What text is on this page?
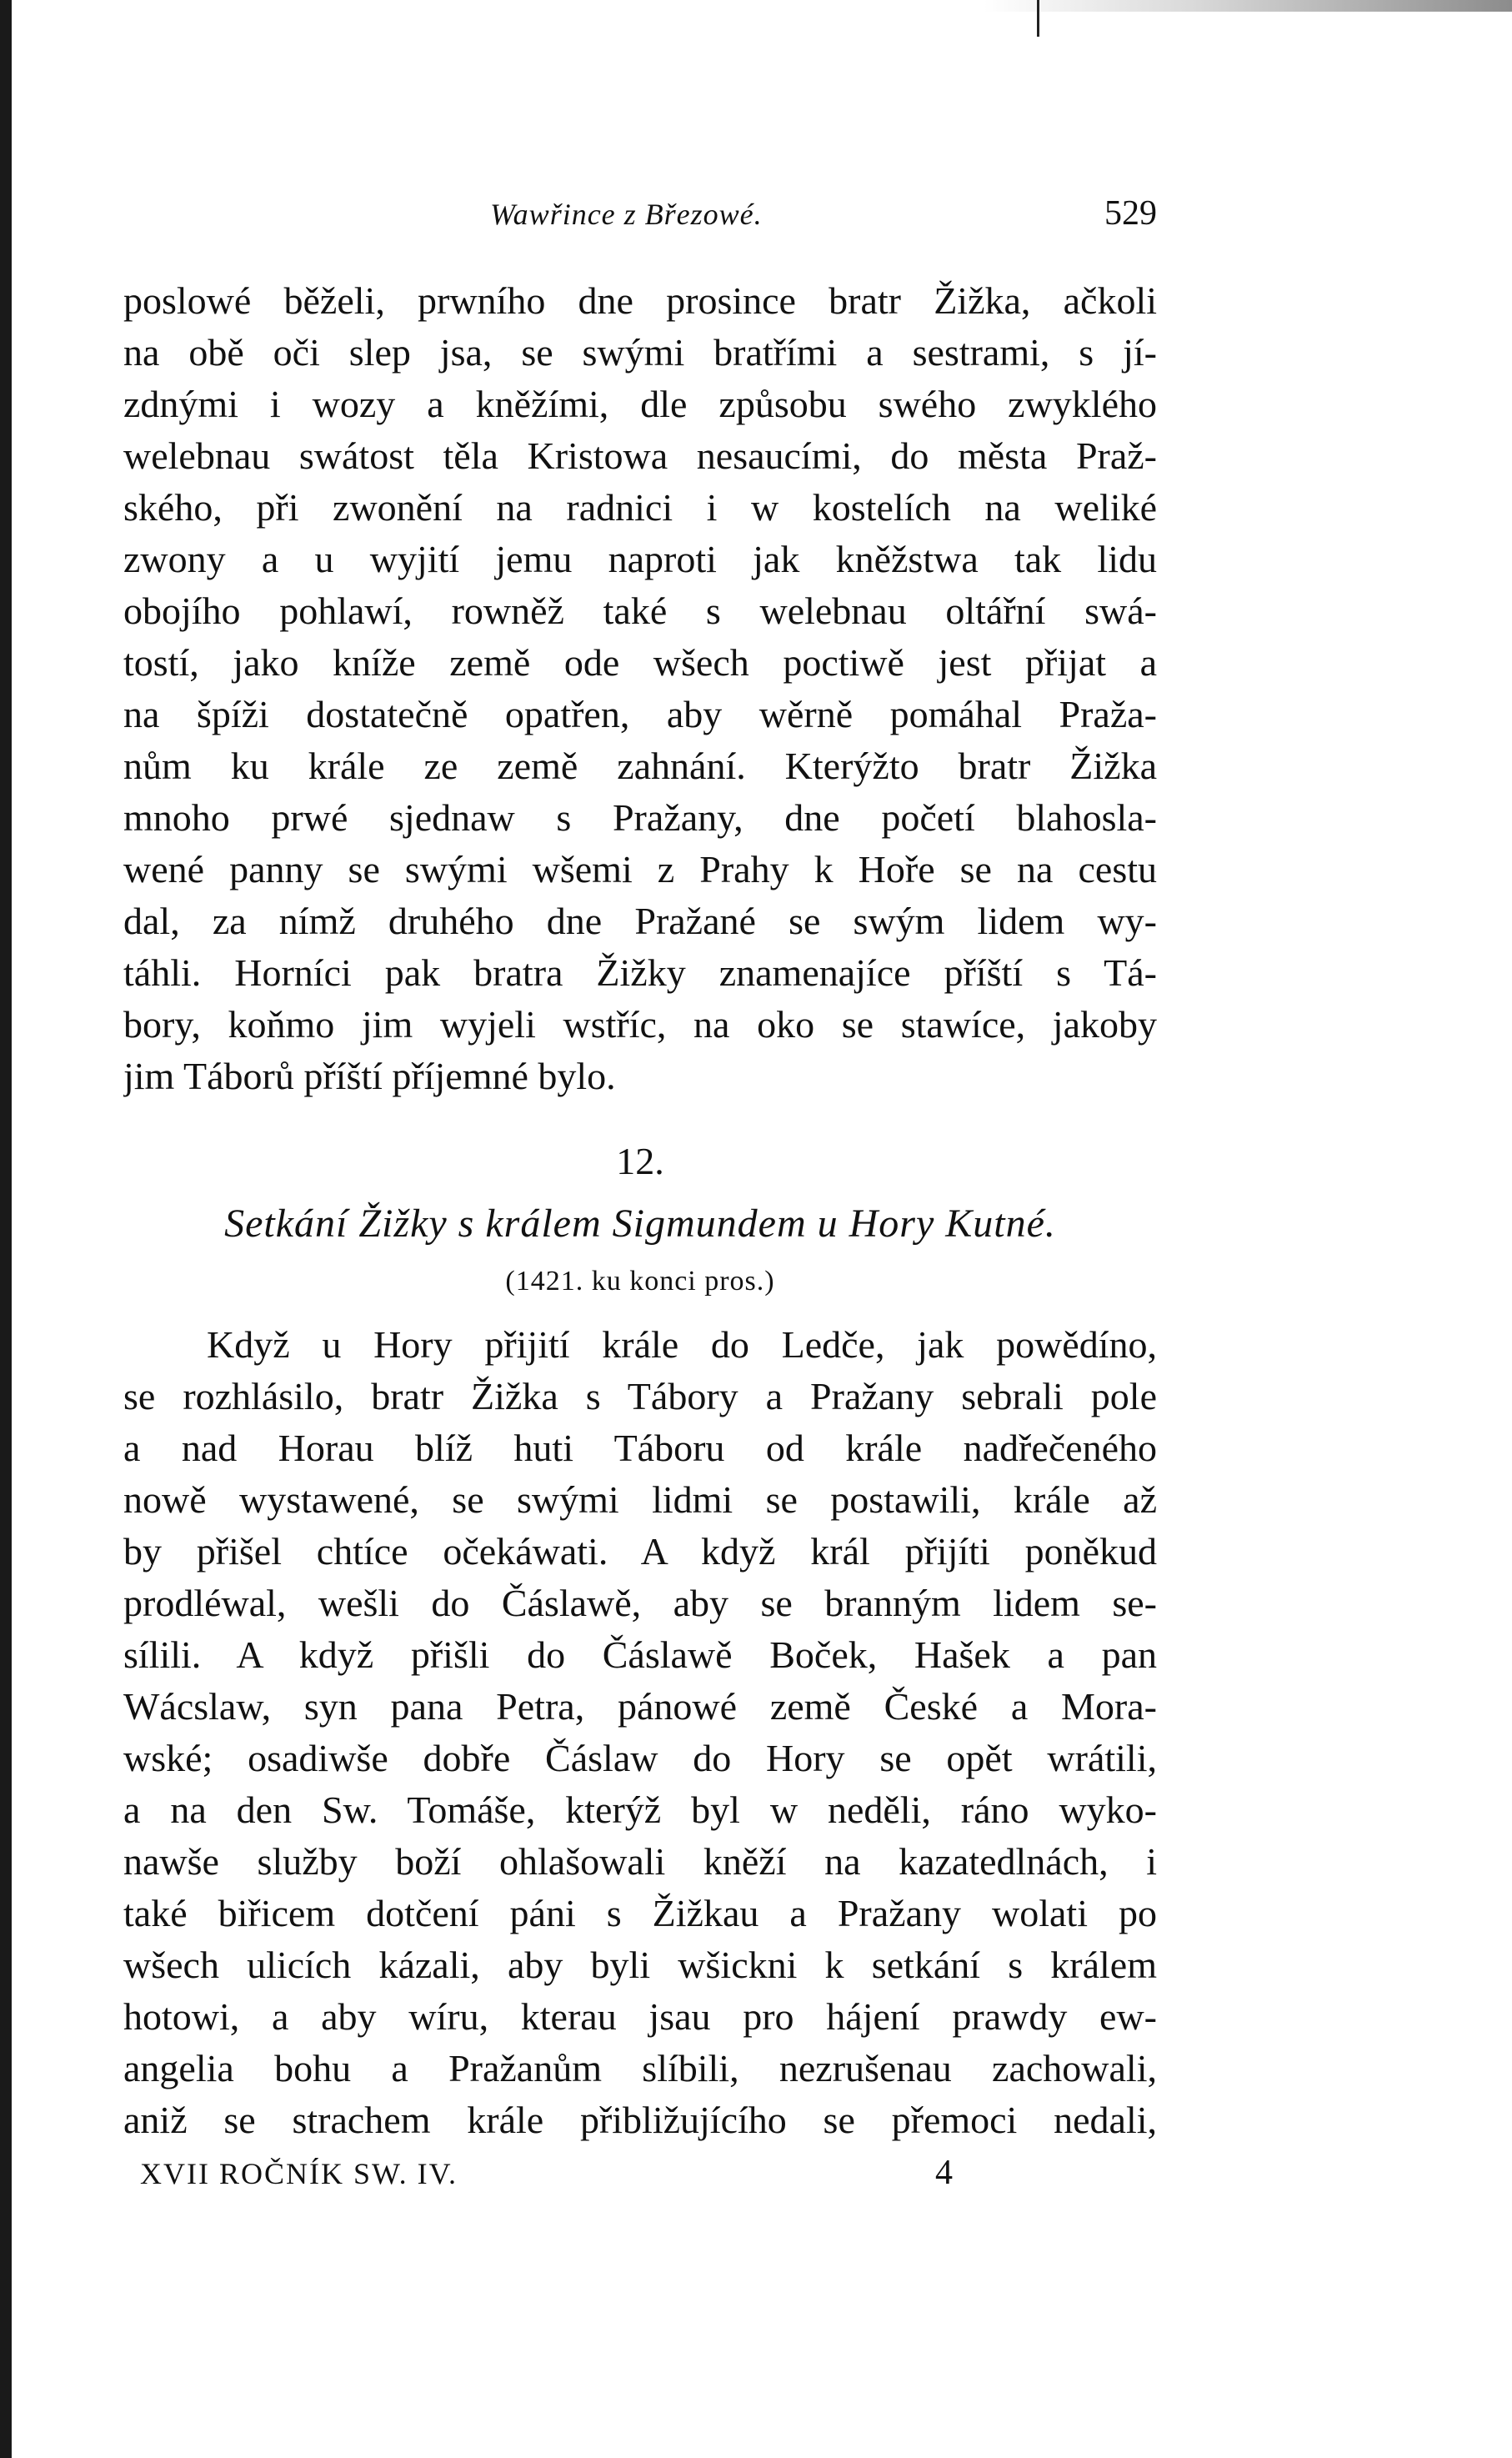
Wawřince z Březowé.	529
poslowé běželi, prwního dne prosince bratr Žižka, ačkoli
na obě oči slep jsa, se swými bratřími a sestrami, s jí-
zdnými i wozy a kněžími, dle způsobu swého zwyklého
welebnau swátost těla Kristowa nesaucími, do města Praž-
ského, při zwonění na radnici i w kostelích na weliké
zwony a u wyjití jemu naproti jak kněžstwa tak lidu
obojího pohlawí, rowněž také s welebnau oltářní swá-
tostí, jako kníže země ode wšech poctiwě jest přijat a
na špíži dostatečně opatřen, aby wěrně pomáhal Praža-
nům ku krále ze země zahnání. Kterýžto bratr Žižka
mnoho prwé sjednaw s Pražany, dne početí blahosla-
wené panny se swými wšemi z Prahy k Hoře se na cestu
dal, za nímž druhého dne Pražané se swým lidem wy-
táhli. Horníci pak bratra Žižky znamenajíce příští s Tá-
bory, koňmo jim wyjeli wstříc, na oko se stawíce, jakoby
jim Táborů příští příjemné bylo.
12.
Setkání Žižky s králem Sigmundem u Hory Kutné.
(1421. ku konci pros.)
Když u Hory přijití krále do Ledče, jak powědíno,
se rozhlásilo, bratr Žižka s Tábory a Pražany sebrali pole
a nad Horau blíž huti Táboru od krále nadřečeného
nowě wystawené, se swými lidmi se postawili, krále až
by přišel chtíce očekáwati. A když král přijíti poněkud
prodléwal, wešli do Čáslawě, aby se branným lidem se-
sílili. A když přišli do Čáslawě Boček, Hašek a pan
Wácslaw, syn pana Petra, pánowé země České a Mora-
wské; osadiwše dobře Čáslaw do Hory se opět wrátili,
a na den Sw. Tomáše, kterýž byl w neděli, ráno wyko-
nawše služby boží ohlašowali kněží na kazatedlnách, i
také biřicem dotčení páni s Žižkau a Pražany wolati po
wšech ulicích kázali, aby byli wšickni k setkání s králem
hotowi, a aby wíru, kterau jsau pro hájení prawdy ew-
angelia bohu a Pražanům slíbili, nezrušenau zachowali,
aniž se strachem krále přibližujícího se přemoci nedali,
XVII ROČNÍK SW. IV.	4
